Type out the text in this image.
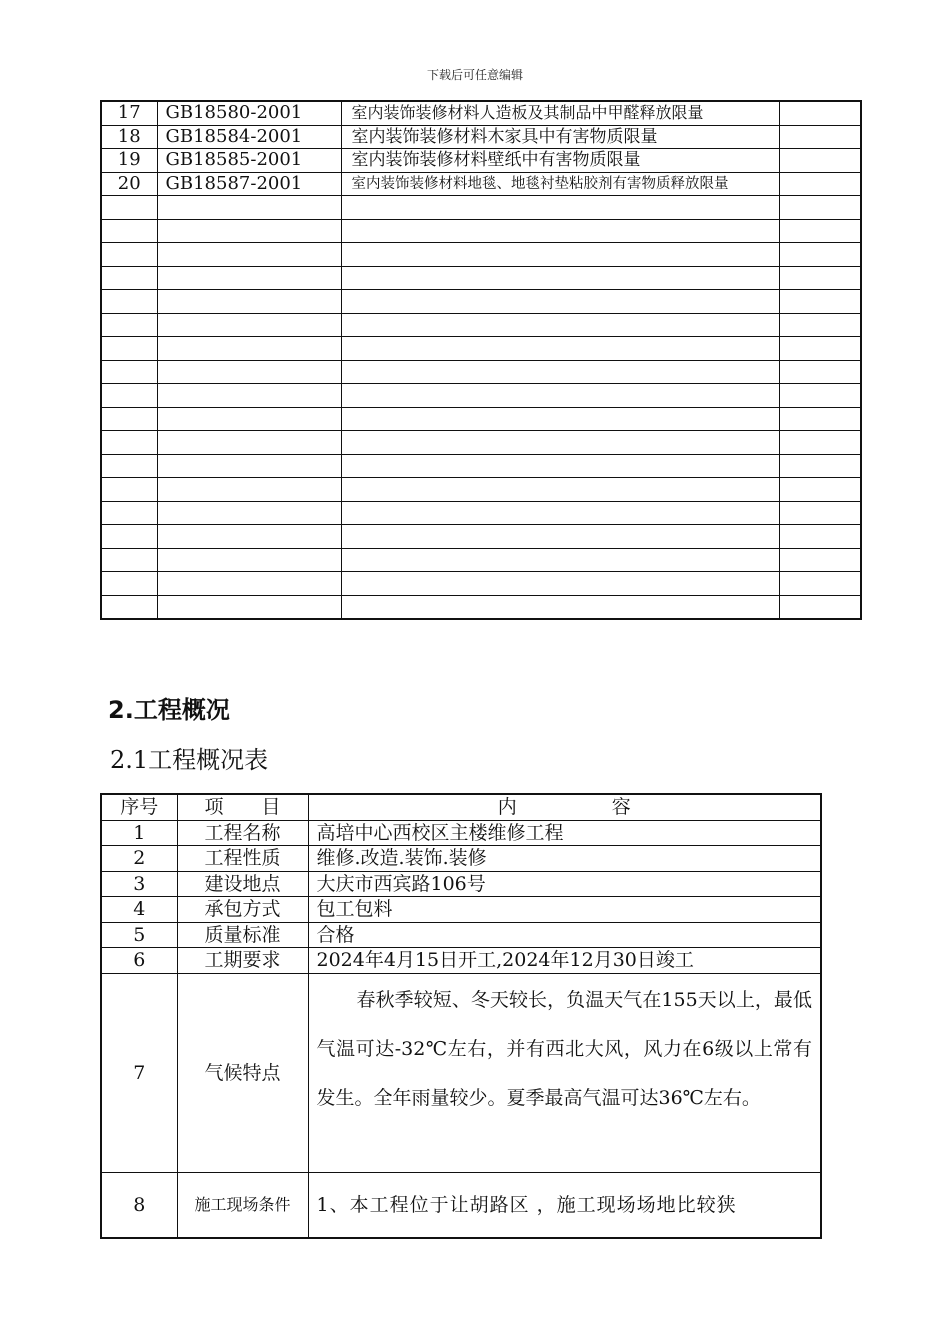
下载后可任意编辑
17	GB18580-2001	室内装饰装修材料人造板及其制品中甲醛释放限量	
18	GB18584-2001	室内装饰装修材料木家具中有害物质限量	
19	GB18585-2001	室内装饰装修材料壁纸中有害物质限量	
20	GB18587-2001	室内装饰装修材料地毯、地毯衬垫粘胶剂有害物质释放限量	

2.工程概况
2.1工程概况表
序号	项　　目	内　　　　　容
1	工程名称	高培中心西校区主楼维修工程
2	工程性质	维修.改造.装饰.装修
3	建设地点	大庆市西宾路106号
4	承包方式	包工包料
5	质量标准	合格
6	工期要求	2024年4月15日开工,2024年12月30日竣工
7	气候特点	春秋季较短、冬天较长，负温天气在155天以上，最低气温可达-32℃左右，并有西北大风，风力在6级以上常有发生。全年雨量较少。夏季最高气温可达36℃左右。
8	施工现场条件	1、本工程位于让胡路区 ，施工现场场地比较狭
